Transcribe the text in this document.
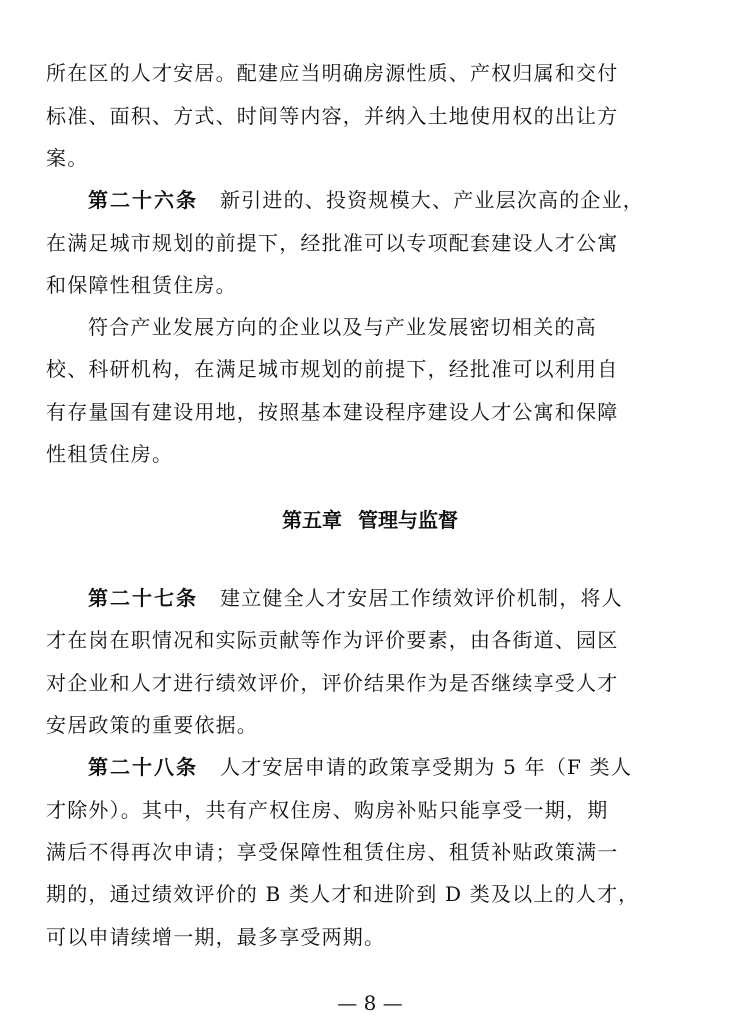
所在区的人才安居。配建应当明确房源性质、产权归属和交付
标准、面积、方式、时间等内容，并纳入土地使用权的出让方
案。
第二十六条 新引进的、投资规模大、产业层次高的企业，
在满足城市规划的前提下，经批准可以专项配套建设人才公寓
和保障性租赁住房。
符合产业发展方向的企业以及与产业发展密切相关的高
校、科研机构，在满足城市规划的前提下，经批准可以利用自
有存量国有建设用地，按照基本建设程序建设人才公寓和保障
性租赁住房。
第五章 管理与监督
第二十七条 建立健全人才安居工作绩效评价机制，将人
才在岗在职情况和实际贡献等作为评价要素，由各街道、园区
对企业和人才进行绩效评价，评价结果作为是否继续享受人才
安居政策的重要依据。
第二十八条 人才安居申请的政策享受期为 5 年（F 类人
才除外）。其中，共有产权住房、购房补贴只能享受一期，期
满后不得再次申请；享受保障性租赁住房、租赁补贴政策满一
期的，通过绩效评价的 B 类人才和进阶到 D 类及以上的人才，
可以申请续增一期，最多享受两期。
— 8 —
